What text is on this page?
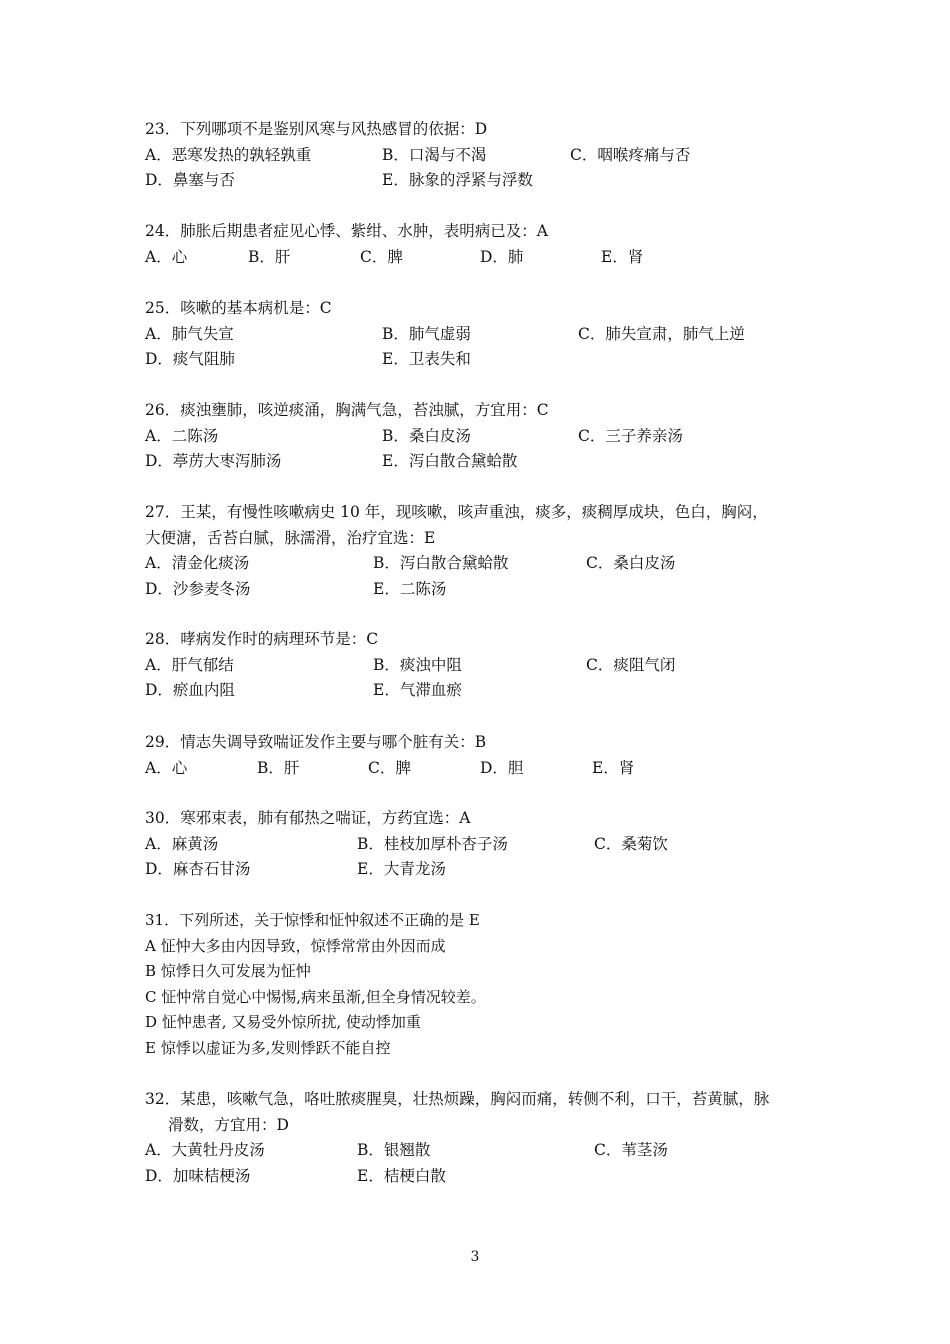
23．下列哪项不是鉴别风寒与风热感冒的依据：D
A．恶寒发热的孰轻孰重	B．口渴与不渴	C．咽喉疼痛与否
D．鼻塞与否	E．脉象的浮紧与浮数
24．肺胀后期患者症见心悸、紫绀、水肿，表明病已及：A
A．心	B．肝	C．脾	D．肺	E．肾
25．咳嗽的基本病机是：C
A．肺气失宣	B．肺气虚弱	C．肺失宣肃，肺气上逆
D．痰气阻肺	E．卫表失和
26．痰浊壅肺，咳逆痰涌，胸满气急，苔浊腻，方宜用：C
A．二陈汤	B．桑白皮汤	C．三子养亲汤
D．葶苈大枣泻肺汤	E．泻白散合黛蛤散
27．王某，有慢性咳嗽病史 10 年，现咳嗽，咳声重浊，痰多，痰稠厚成块，色白，胸闷，
大便溏，舌苔白腻，脉濡滑，治疗宜选：E
A．清金化痰汤	B．泻白散合黛蛤散	C．桑白皮汤
D．沙参麦冬汤	E．二陈汤
28．哮病发作时的病理环节是：C
A．肝气郁结	B．痰浊中阻	C．痰阻气闭
D．瘀血内阻	E．气滞血瘀
29．情志失调导致喘证发作主要与哪个脏有关：B
A．心	B．肝	C．脾	D．胆	E．肾
30．寒邪束表，肺有郁热之喘证，方药宜选：A
A．麻黄汤	B．桂枝加厚朴杏子汤	C．桑菊饮
D．麻杏石甘汤	E．大青龙汤
31．下列所述，关于惊悸和怔忡叙述不正确的是 E
A 怔忡大多由内因导致，惊悸常常由外因而成
B 惊悸日久可发展为怔忡
C 怔忡常自觉心中惕惕,病来虽渐,但全身情况较差。
D 怔忡患者, 又易受外惊所扰, 使动悸加重
E 惊悸以虚证为多,发则悸跃不能自控
32．某患，咳嗽气急，咯吐脓痰腥臭，壮热烦躁，胸闷而痛，转侧不利，口干，苔黄腻，脉
滑数，方宜用：D
A．大黄牡丹皮汤	B．银翘散	C．苇茎汤
D．加味桔梗汤	E．桔梗白散
3
